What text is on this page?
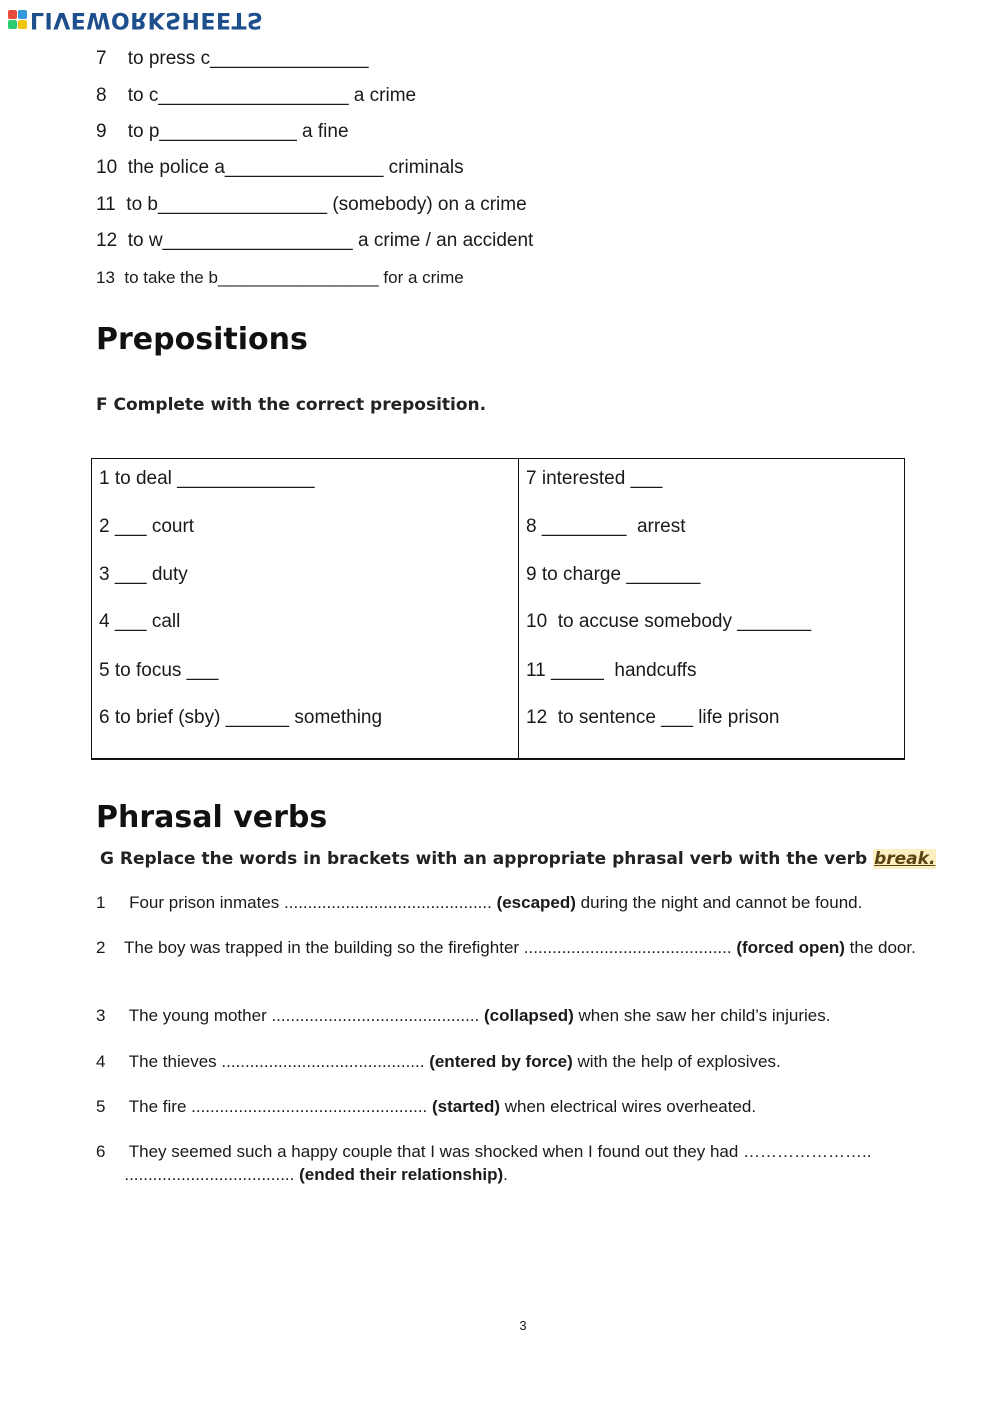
LIVEWORKSHEETS
7 to press c_______________
8 to c__________________ a crime
9 to p_____________ a fine
10 the police a_______________ criminals
11 to b________________ (somebody) on a crime
12 to w__________________ a crime / an accident
13 to take the b_________________ for a crime
Prepositions

F Complete with the correct preposition.

1 to deal _____________
2 ___ court
3 ___ duty
4 ___ call
5 to focus ___
6 to brief (sby) ______ something
7 interested ___
8 ________  arrest
9 to charge _______
10  to accuse somebody _______
11 _____  handcuffs
12  to sentence ___ life prison
Phrasal verbs

G Replace the words in brackets with an appropriate phrasal verb with the verb break.

1     Four prison inmates ............................................ (escaped) during the night and cannot be found.
2    The boy was trapped in the building so the firefighter ............................................ (forced open) the door.
3     The young mother ............................................ (collapsed) when she saw her child’s injuries.
4     The thieves ........................................... (entered by force) with the help of explosives.
5     The fire .................................................. (started) when electrical wires overheated.
6     They seemed such a happy couple that I was shocked when I found out they had …………………..
.................................... (ended their relationship).
3
